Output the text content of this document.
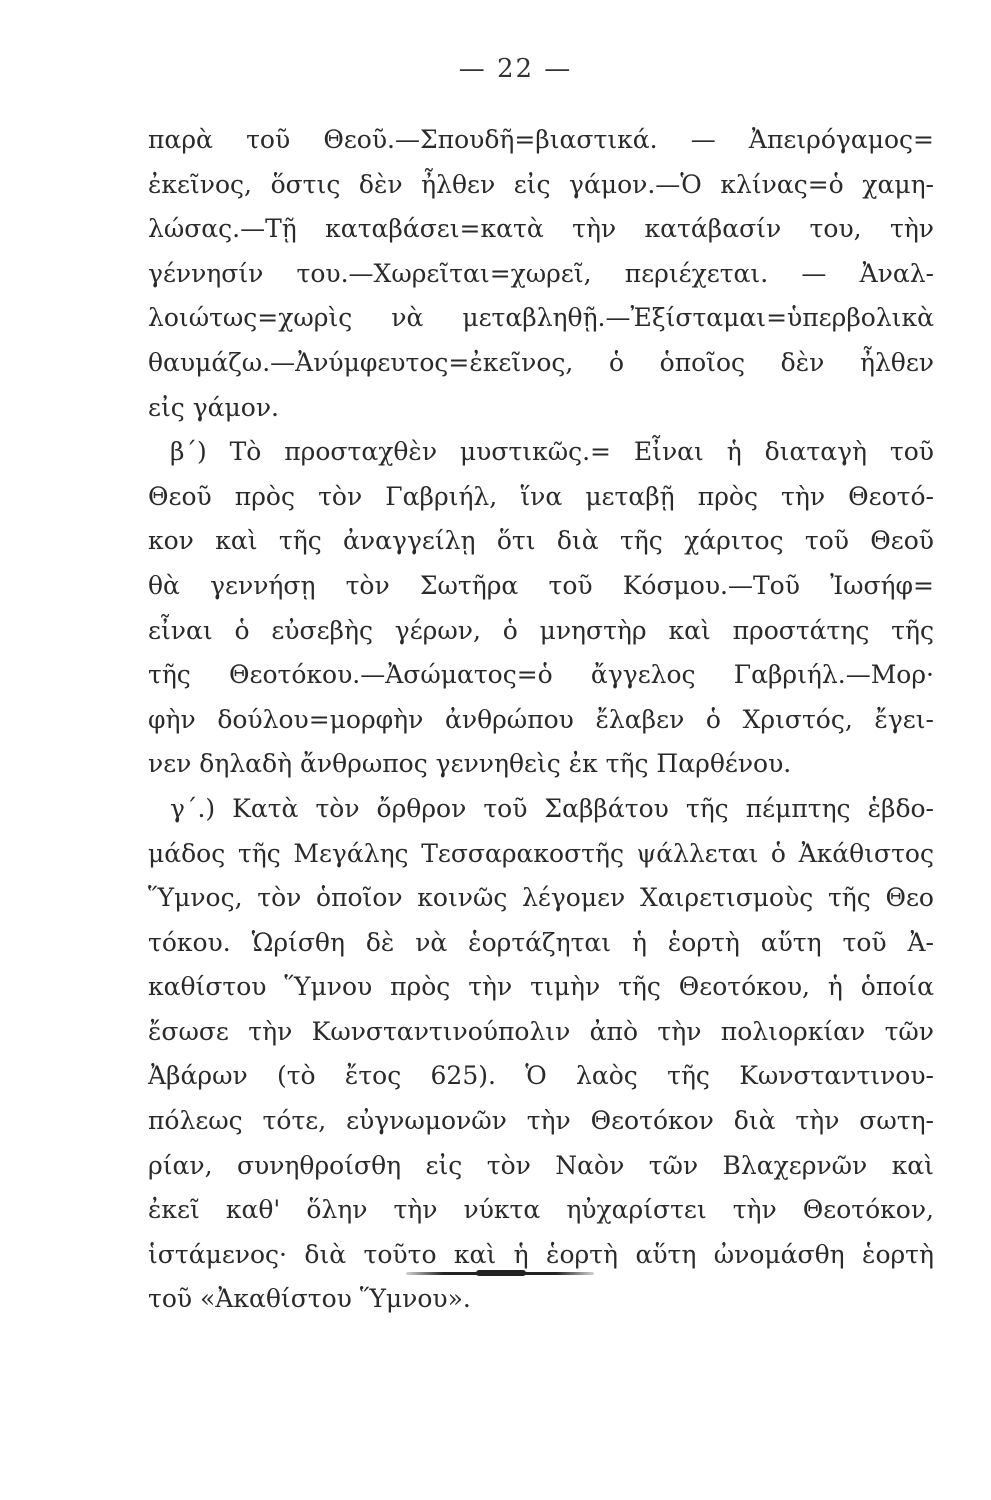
— 22 —
παρὰ τοῦ Θεοῦ.—Σπουδῆ=βιαστικά. — Ἀπειρόγαμος=
ἐκεῖνος, ὅστις δὲν ἦλθεν εἰς γάμον.—Ὁ κλίνας=ὁ χαμη-
λώσας.—Τῇ καταβάσει=κατὰ τὴν κατάβασίν του, τὴν
γέννησίν του.—Χωρεῖται=χωρεῖ, περιέχεται. — Ἀναλ-
λοιώτως=χωρὶς νὰ μεταβληθῇ.—Ἐξίσταμαι=ὑπερβολικὰ
θαυμάζω.—Ἀνύμφευτος=ἐκεῖνος, ὁ ὁποῖος δὲν ἦλθεν
εἰς γάμον.
β΄) Τὸ προσταχθὲν μυστικῶς.= Εἶναι ἡ διαταγὴ τοῦ
Θεοῦ πρὸς τὸν Γαβριήλ, ἵνα μεταβῇ πρὸς τὴν Θεοτό-
κον καὶ τῆς ἀναγγείλῃ ὅτι διὰ τῆς χάριτος τοῦ Θεοῦ
θὰ γεννήσῃ τὸν Σωτῆρα τοῦ Κόσμου.—Τοῦ Ἰωσήφ=
εἶναι ὁ εὐσεβὴς γέρων, ὁ μνηστὴρ καὶ προστάτης τῆς
τῆς Θεοτόκου.—Ἀσώματος=ὁ ἄγγελος Γαβριήλ.—Μορ·
φὴν δούλου=μορφὴν ἀνθρώπου ἔλαβεν ὁ Χριστός, ἔγει-
νεν δηλαδὴ ἄνθρωπος γεννηθεὶς ἐκ τῆς Παρθένου.
γ΄.) Κατὰ τὸν ὄρθρον τοῦ Σαββάτου τῆς πέμπτης ἑβδο-
μάδος τῆς Μεγάλης Τεσσαρακοστῆς ψάλλεται ὁ Ἀκάθιστος
Ὕμνος, τὸν ὁποῖον κοινῶς λέγομεν Χαιρετισμοὺς τῆς Θεο
τόκου. Ὡρίσθη δὲ νὰ ἑορτάζηται ἡ ἑορτὴ αὕτη τοῦ Ἀ-
καθίστου Ὕμνου πρὸς τὴν τιμὴν τῆς Θεοτόκου, ἡ ὁποία
ἔσωσε τὴν Κωνσταντινούπολιν ἀπὸ τὴν πολιορκίαν τῶν
Ἀβάρων (τὸ ἔτος 625). Ὁ λαὸς τῆς Κωνσταντινου-
πόλεως τότε, εὐγνωμονῶν τὴν Θεοτόκον διὰ τὴν σωτη-
ρίαν, συνηθροίσθη εἰς τὸν Ναὸν τῶν Βλαχερνῶν καὶ
ἐκεῖ καθ' ὅλην τὴν νύκτα ηὐχαρίστει τὴν Θεοτόκον,
ἱστάμενος· διὰ τοῦτο καὶ ἡ ἑορτὴ αὕτη ὠνομάσθη ἑορτὴ
τοῦ «Ἀκαθίστου Ὕμνου».
